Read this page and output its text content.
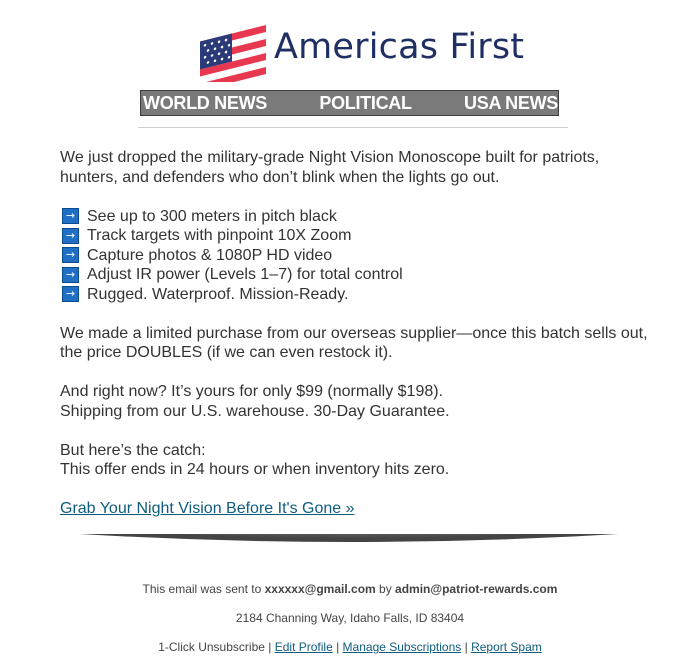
Americas First
WORLD NEWS	POLITICAL	USA NEWS

We just dropped the military-grade Night Vision Monoscope built for patriots, hunters, and defenders who don’t blink when the lights go out.

→ See up to 300 meters in pitch black
→ Track targets with pinpoint 10X Zoom
→ Capture photos & 1080P HD video
→ Adjust IR power (Levels 1–7) for total control
→ Rugged. Waterproof. Mission-Ready.

We made a limited purchase from our overseas supplier—once this batch sells out, the price DOUBLES (if we can even restock it).

And right now? It’s yours for only $99 (normally $198).

Shipping from our U.S. warehouse. 30-Day Guarantee.

But here’s the catch:

This offer ends in 24 hours or when inventory hits zero.

Grab Your Night Vision Before It's Gone »

This email was sent to xxxxxx@gmail.com by admin@patriot-rewards.com
2184 Channing Way, Idaho Falls, ID 83404
1-Click Unsubscribe | Edit Profile | Manage Subscriptions | Report Spam
